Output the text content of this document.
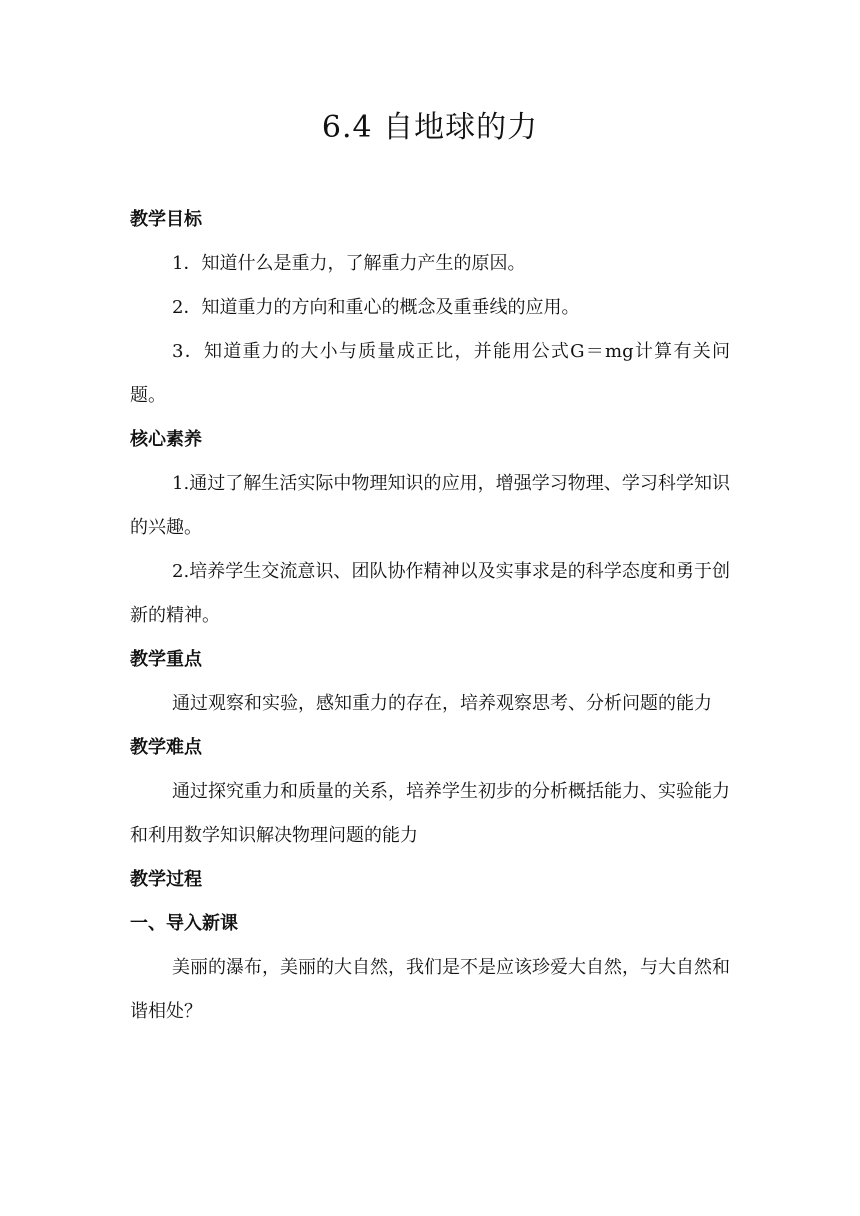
6.4 自地球的力

教学目标

1．知道什么是重力，了解重力产生的原因。

2．知道重力的方向和重心的概念及重垂线的应用。

3．知道重力的大小与质量成正比，并能用公式G＝mg计算有关问题。

核心素养

1.通过了解生活实际中物理知识的应用，增强学习物理、学习科学知识的兴趣。

2.培养学生交流意识、团队协作精神以及实事求是的科学态度和勇于创新的精神。

教学重点

通过观察和实验，感知重力的存在，培养观察思考、分析问题的能力

教学难点

通过探究重力和质量的关系，培养学生初步的分析概括能力、实验能力和利用数学知识解决物理问题的能力

教学过程

一、导入新课

美丽的瀑布，美丽的大自然，我们是不是应该珍爱大自然，与大自然和谐相处？
